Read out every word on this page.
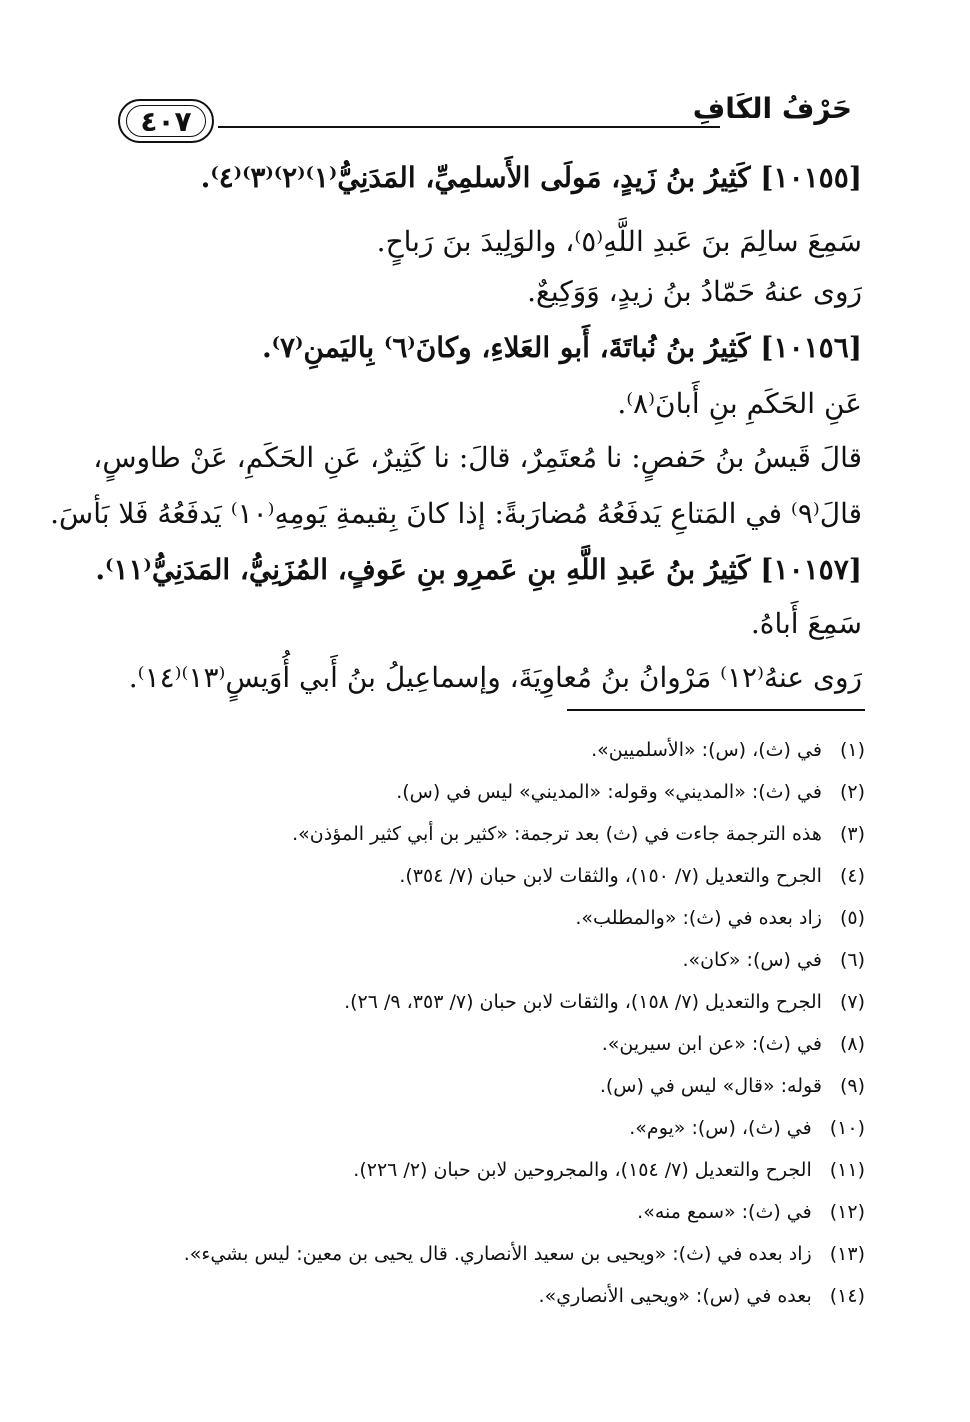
حَرْفُ الكَافِ
٤٠٧
[١٠١٥٥] كَثِيرُ بنُ زَيدٍ، مَولَى الأَسلمِيِّ، المَدَنِيُّ⁽١⁾⁽٢⁾⁽٣⁾⁽٤⁾.
سَمِعَ سالِمَ بنَ عَبدِ اللَّهِ⁽٥⁾، والوَلِيدَ بنَ رَباحٍ.
رَوى عنهُ حَمّادُ بنُ زيدٍ، وَوَكِيعٌ.
[١٠١٥٦] كَثِيرُ بنُ نُباتَةَ، أَبو العَلاءِ، وكانَ⁽٦⁾ بِاليَمنِ⁽٧⁾.
عَنِ الحَكَمِ بنِ أَبانَ⁽٨⁾.
قالَ قَيسُ بنُ حَفصٍ: نا مُعتَمِرٌ، قالَ: نا كَثِيرٌ، عَنِ الحَكَمِ، عَنْ طاوسٍ،
قالَ⁽٩⁾ في المَتاعِ يَدفَعُهُ مُضارَبةً: إذا كانَ بِقيمةِ يَومِهِ⁽١٠⁾ يَدفَعُهُ فَلا بَأسَ.
[١٠١٥٧] كَثِيرُ بنُ عَبدِ اللَّهِ بنِ عَمرِو بنِ عَوفٍ، المُزَنِيُّ، المَدَنِيُّ⁽١١⁾.
سَمِعَ أَباهُ.
رَوى عنهُ⁽١٢⁾ مَرْوانُ بنُ مُعاوِيَةَ، وإسماعِيلُ بنُ أَبي أُوَيسٍ⁽١٣⁾⁽١٤⁾.
(١)
في (ث)، (س): «الأسلميين».
(٢)
في (ث): «المديني» وقوله: «المديني» ليس في (س).
(٣)
هذه الترجمة جاءت في (ث) بعد ترجمة: «كثير بن أبي كثير المؤذن».
(٤)
الجرح والتعديل (٧/ ١٥٠)، والثقات لابن حبان (٧/ ٣٥٤).
(٥)
زاد بعده في (ث): «والمطلب».
(٦)
في (س): «كان».
(٧)
الجرح والتعديل (٧/ ١٥٨)، والثقات لابن حبان (٧/ ٣٥٣، ٩/ ٢٦).
(٨)
في (ث): «عن ابن سيرين».
(٩)
قوله: «قال» ليس في (س).
(١٠)
في (ث)، (س): «يوم».
(١١)
الجرح والتعديل (٧/ ١٥٤)، والمجروحين لابن حبان (٢/ ٢٢٦).
(١٢)
في (ث): «سمع منه».
(١٣)
زاد بعده في (ث): «ويحيى بن سعيد الأنصاري. قال يحيى بن معين: ليس بشيء».
(١٤)
بعده في (س): «ويحيى الأنصاري».
